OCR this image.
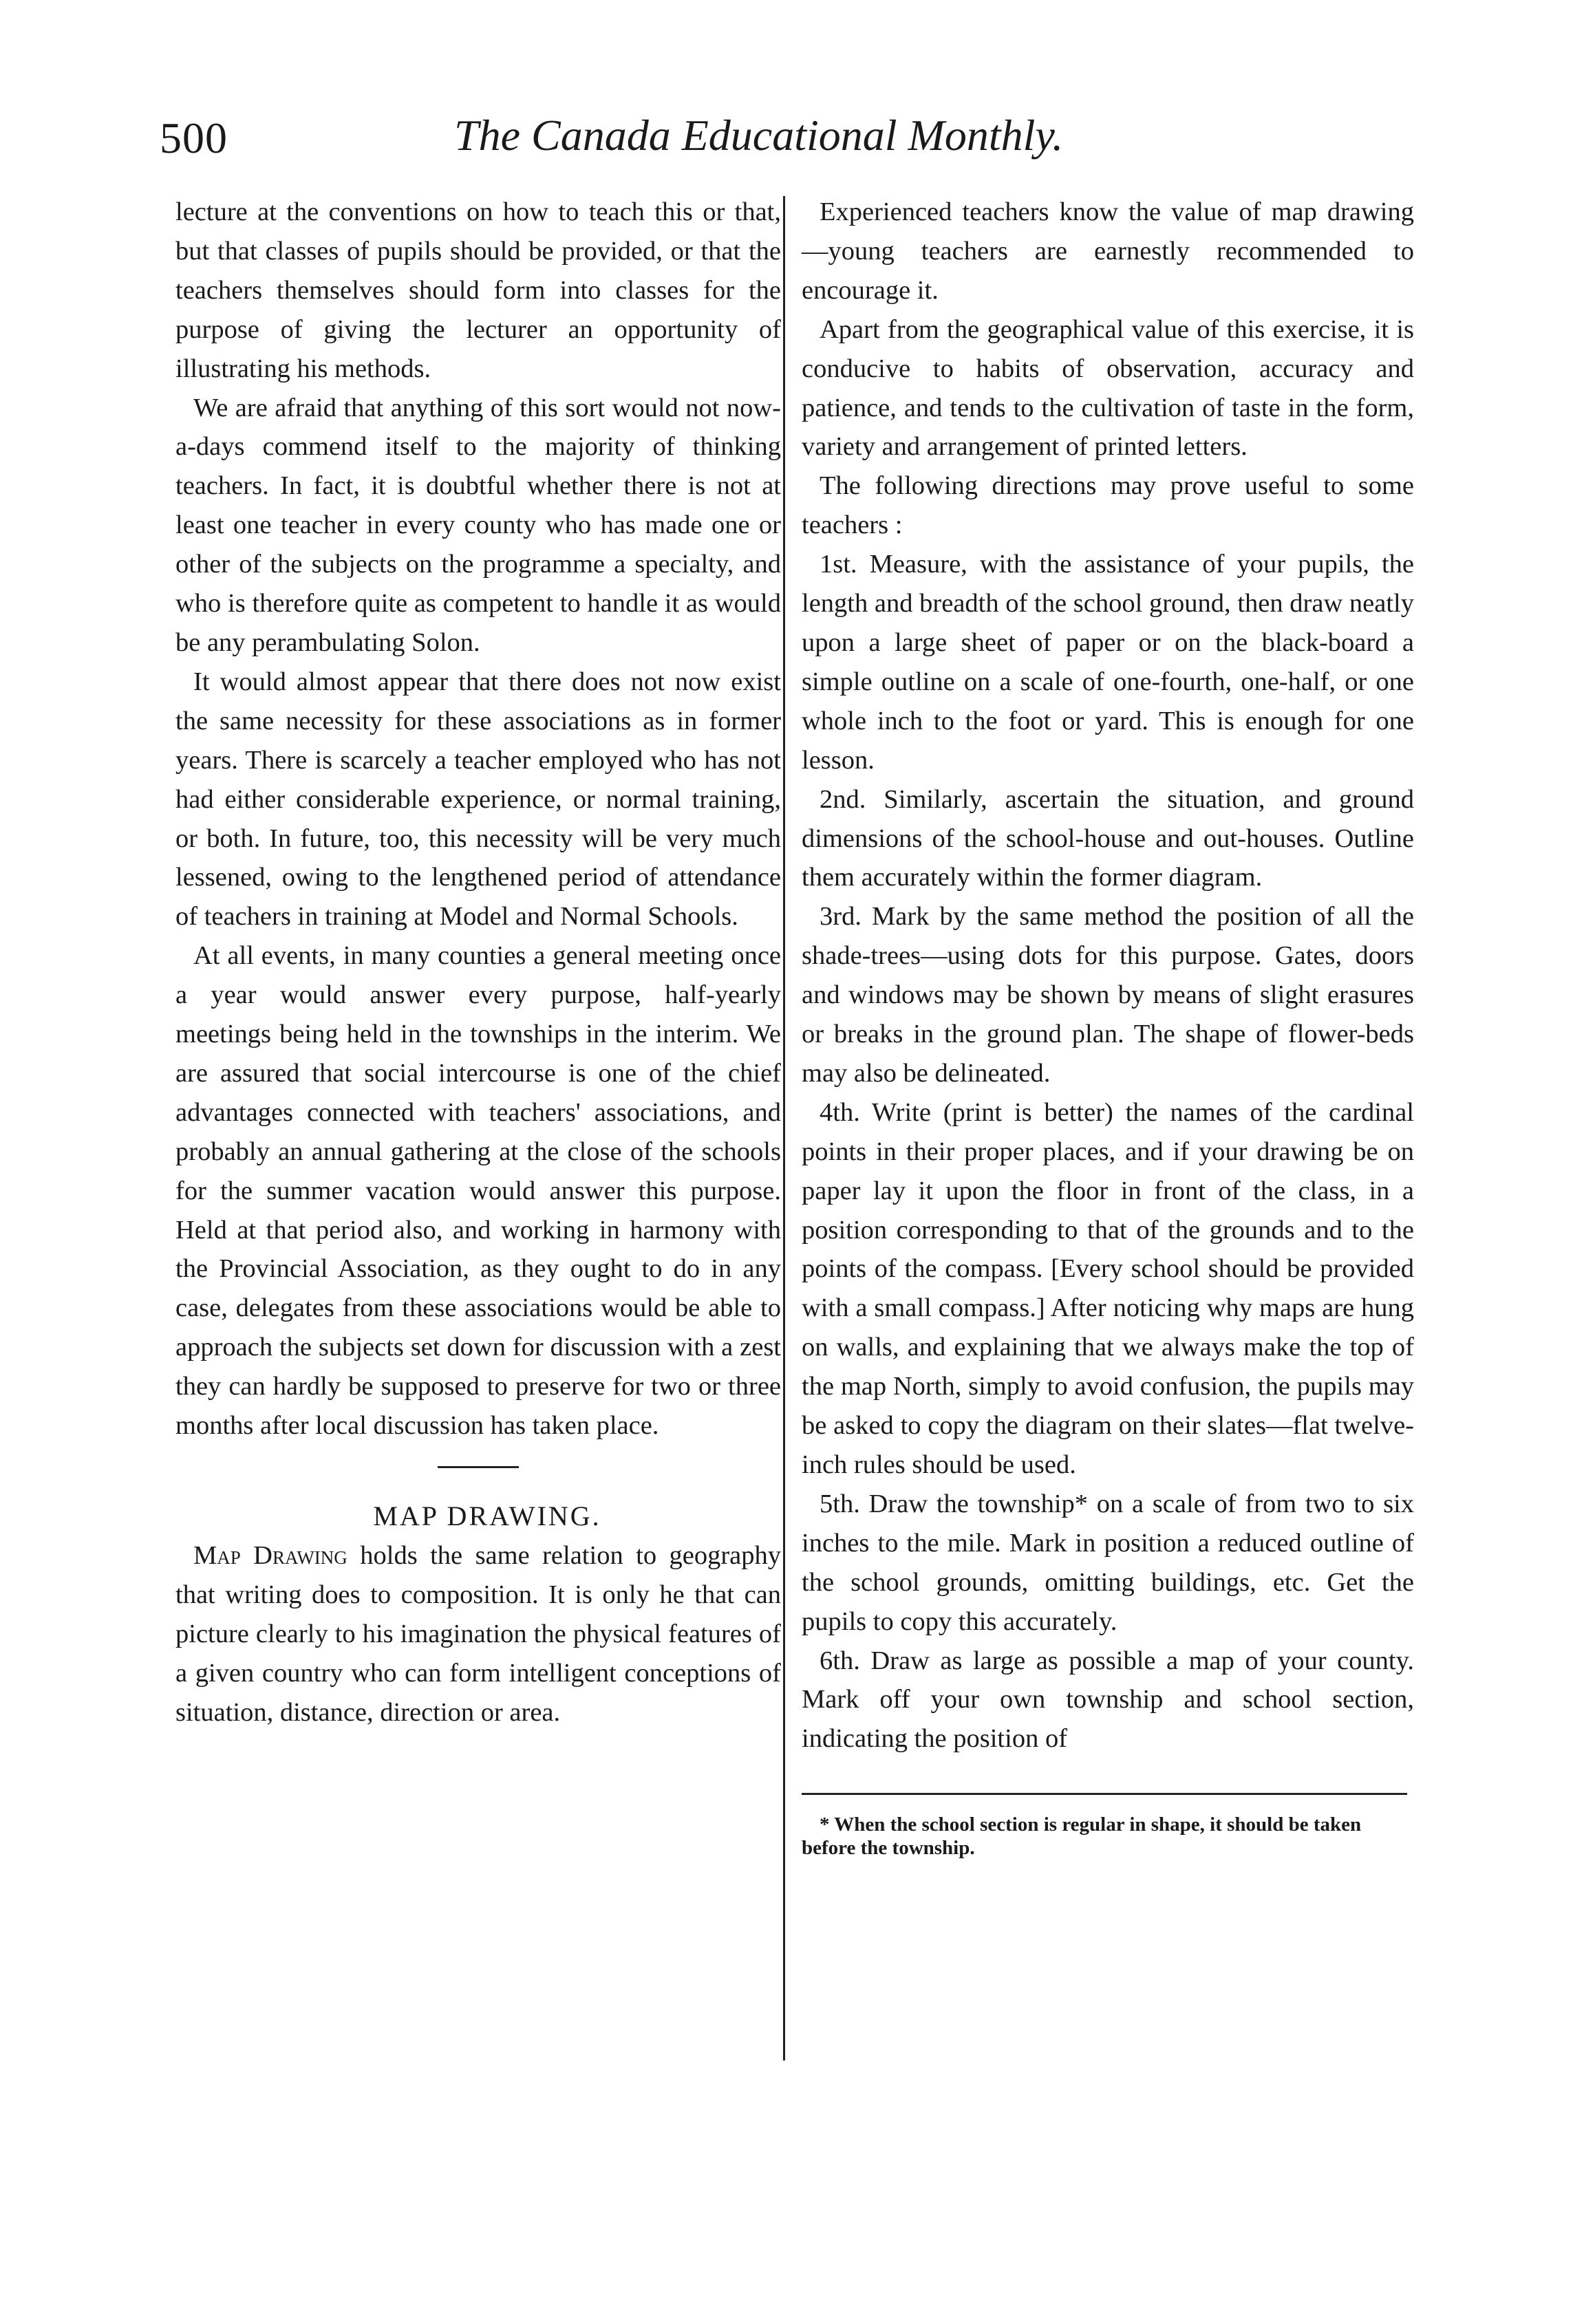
500	The Canada Educational Monthly.

lecture at the conventions on how to teach this or that, but that classes of pupils should be provided, or that the teachers themselves should form into classes for the purpose of giving the lecturer an opportunity of illustrating his methods.

We are afraid that anything of this sort would not now-a-days commend itself to the majority of thinking teachers. In fact, it is doubtful whether there is not at least one teacher in every county who has made one or other of the subjects on the programme a specialty, and who is therefore quite as competent to handle it as would be any perambulating Solon.

It would almost appear that there does not now exist the same necessity for these associations as in former years. There is scarcely a teacher employed who has not had either considerable experience, or normal training, or both. In future, too, this necessity will be very much lessened, owing to the lengthened period of attendance of teachers in training at Model and Normal Schools.

At all events, in many counties a general meeting once a year would answer every purpose, half-yearly meetings being held in the townships in the interim. We are assured that social intercourse is one of the chief advantages connected with teachers' associations, and probably an annual gathering at the close of the schools for the summer vacation would answer this purpose. Held at that period also, and working in harmony with the Provincial Association, as they ought to do in any case, delegates from these associations would be able to approach the subjects set down for discussion with a zest they can hardly be supposed to preserve for two or three months after local discussion has taken place.

MAP DRAWING.

Map Drawing holds the same relation to geography that writing does to composition. It is only he that can picture clearly to his imagination the physical features of a given country who can form intelligent conceptions of situation, distance, direction or area.

Experienced teachers know the value of map drawing—young teachers are earnestly recommended to encourage it.

Apart from the geographical value of this exercise, it is conducive to habits of observation, accuracy and patience, and tends to the cultivation of taste in the form, variety and arrangement of printed letters.

The following directions may prove useful to some teachers :

1st. Measure, with the assistance of your pupils, the length and breadth of the school ground, then draw neatly upon a large sheet of paper or on the black-board a simple outline on a scale of one-fourth, one-half, or one whole inch to the foot or yard. This is enough for one lesson.

2nd. Similarly, ascertain the situation, and ground dimensions of the school-house and out-houses. Outline them accurately within the former diagram.

3rd. Mark by the same method the position of all the shade-trees—using dots for this purpose. Gates, doors and windows may be shown by means of slight erasures or breaks in the ground plan. The shape of flower-beds may also be delineated.

4th. Write (print is better) the names of the cardinal points in their proper places, and if your drawing be on paper lay it upon the floor in front of the class, in a position corresponding to that of the grounds and to the points of the compass. [Every school should be provided with a small compass.] After noticing why maps are hung on walls, and explaining that we always make the top of the map North, simply to avoid confusion, the pupils may be asked to copy the diagram on their slates—flat twelve-inch rules should be used.

5th. Draw the township* on a scale of from two to six inches to the mile. Mark in position a reduced outline of the school grounds, omitting buildings, etc. Get the pupils to copy this accurately.

6th. Draw as large as possible a map of your county. Mark off your own township and school section, indicating the position of

* When the school section is regular in shape, it should be taken before the township.
